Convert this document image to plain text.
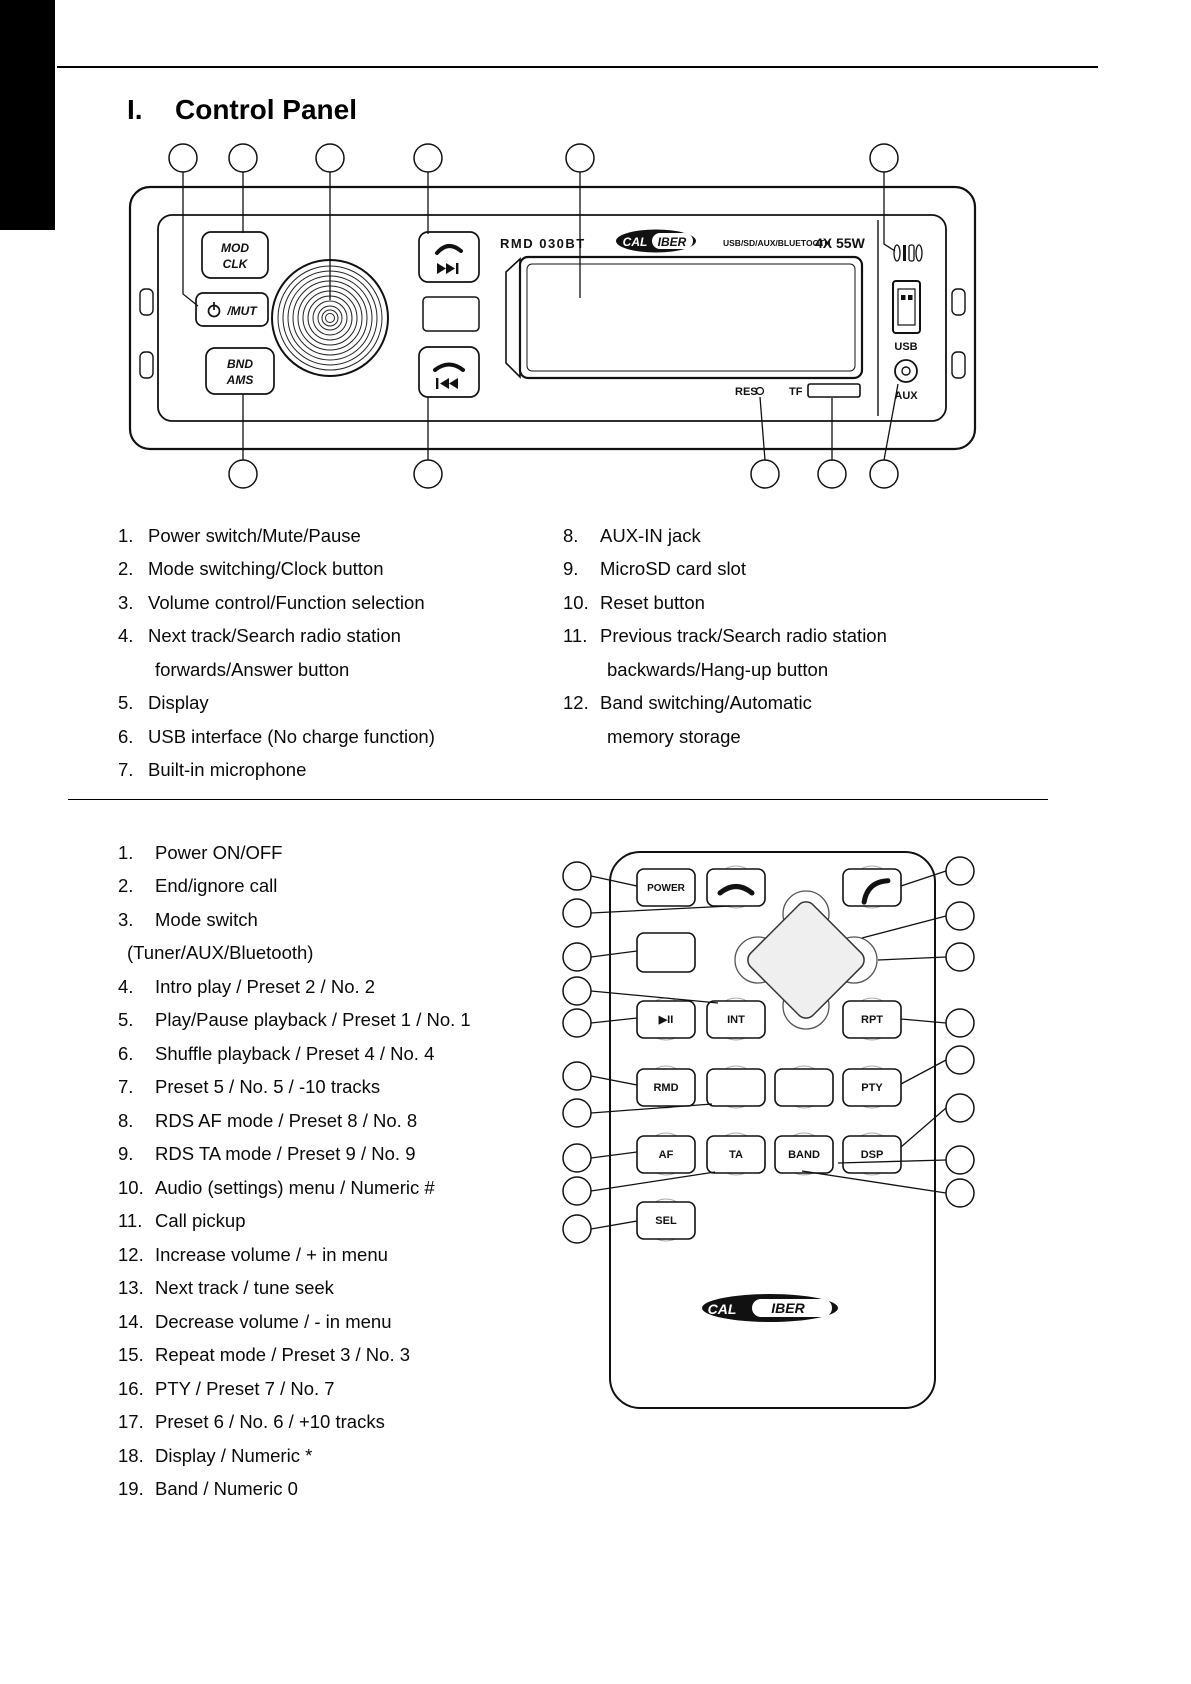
I. Control Panel
MOD
CLK
/MUT
BND
AMS
RMD 030BT	CAL IBER	USB/SD/AUX/BLUETOOTH
4X 55W
RES	TF
USB
AUX
1. Power switch/Mute/Pause
2. Mode switching/Clock button
3. Volume control/Function selection
4. Next track/Search radio station
forwards/Answer button
5. Display
6. USB interface (No charge function)
7. Built-in microphone
8.	AUX-IN jack
9.	MicroSD card slot
10. Reset button
11. Previous track/Search radio station
backwards/Hang-up button
12. Band switching/Automatic
memory storage
1.	Power ON/OFF
2.	End/ignore call
3.	Mode switch
(Tuner/AUX/Bluetooth)
4.	Intro play / Preset 2 / No. 2
5.	Play/Pause playback / Preset 1 / No. 1
6.	Shuffle playback / Preset 4 / No. 4
7.	Preset 5 / No. 5 / -10 tracks
8.	RDS AF mode / Preset 8 / No. 8
9.	RDS TA mode / Preset 9 / No. 9
10. Audio (settings) menu / Numeric #
11. Call pickup
12. Increase volume / + in menu
13. Next track / tune seek
14. Decrease volume / - in menu
15. Repeat mode / Preset 3 / No. 3
16. PTY / Preset 7 / No. 7
17. Preset 6 / No. 6 / +10 tracks
18. Display / Numeric *
19. Band / Numeric 0
POWER
▶II	INT	RPT
RMD	PTY
AF	TA	BAND	DSP
SEL
CAL IBER
